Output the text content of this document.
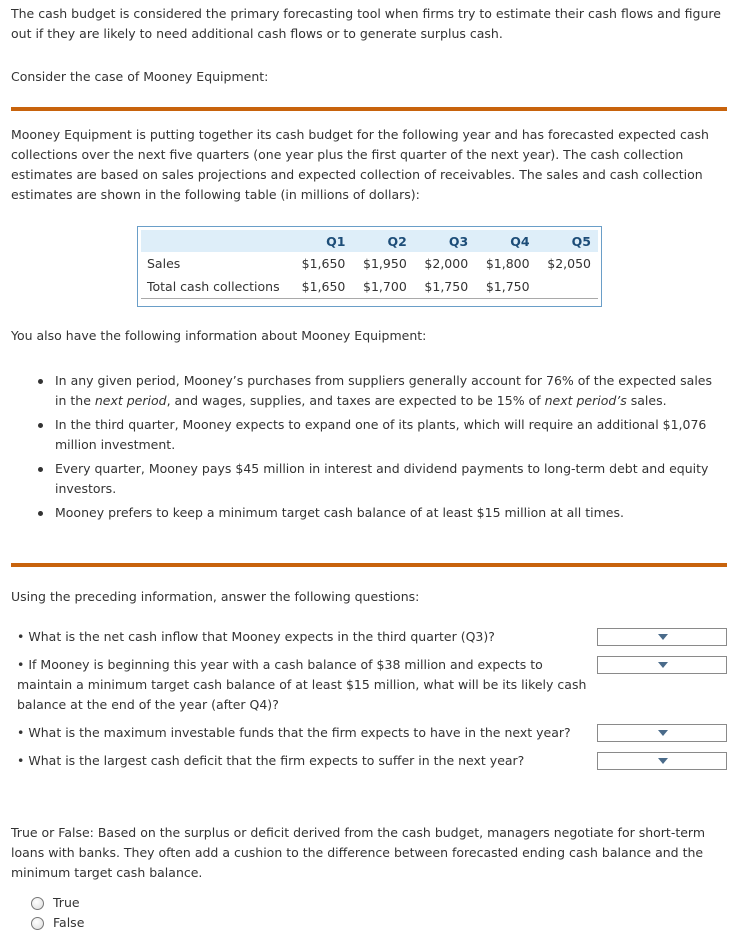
The cash budget is considered the primary forecasting tool when firms try to estimate their cash flows and figure out if they are likely to need additional cash flows or to generate surplus cash.
Consider the case of Mooney Equipment:
Mooney Equipment is putting together its cash budget for the following year and has forecasted expected cash collections over the next five quarters (one year plus the first quarter of the next year). The cash collection estimates are based on sales projections and expected collection of receivables. The sales and cash collection estimates are shown in the following table (in millions of dollars):
	Q1	Q2	Q3	Q4	Q5
Sales	$1,650	$1,950	$2,000	$1,800	$2,050
Total cash collections	$1,650	$1,700	$1,750	$1,750	
You also have the following information about Mooney Equipment:
In any given period, Mooney’s purchases from suppliers generally account for 76% of the expected sales in the next period, and wages, supplies, and taxes are expected to be 15% of next period’s sales.
In the third quarter, Mooney expects to expand one of its plants, which will require an additional $1,076 million investment.
Every quarter, Mooney pays $45 million in interest and dividend payments to long-term debt and equity investors.
Mooney prefers to keep a minimum target cash balance of at least $15 million at all times.
Using the preceding information, answer the following questions:
• What is the net cash inflow that Mooney expects in the third quarter (Q3)?
• If Mooney is beginning this year with a cash balance of $38 million and expects to maintain a minimum target cash balance of at least $15 million, what will be its likely cash balance at the end of the year (after Q4)?
• What is the maximum investable funds that the firm expects to have in the next year?
• What is the largest cash deficit that the firm expects to suffer in the next year?
True or False: Based on the surplus or deficit derived from the cash budget, managers negotiate for short-term loans with banks. They often add a cushion to the difference between forecasted ending cash balance and the minimum target cash balance.
True
False
